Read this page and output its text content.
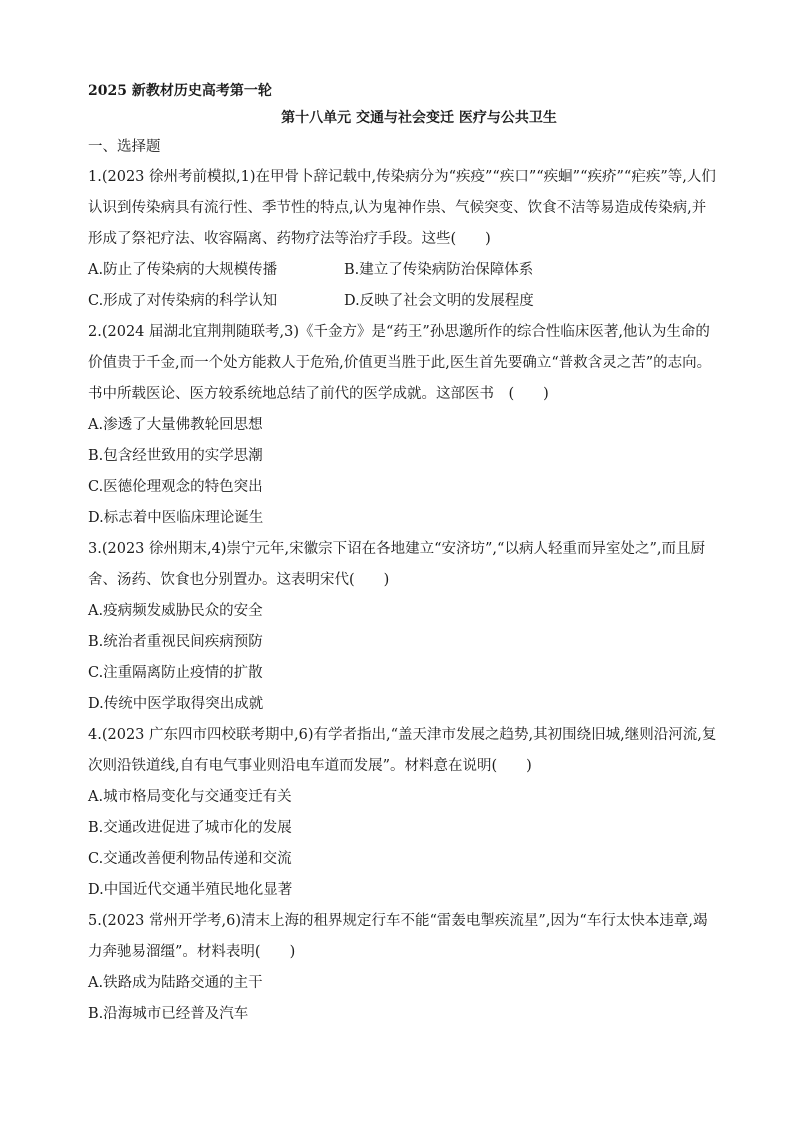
2025 新教材历史高考第一轮
第十八单元 交通与社会变迁 医疗与公共卫生
一、选择题
1.(2023 徐州考前模拟,1)在甲骨卜辞记载中,传染病分为“疾疫”“疾口”“疾蛔”“疾疥”“疟疾”等,人们认识到传染病具有流行性、季节性的特点,认为鬼神作祟、气候突变、饮食不洁等易造成传染病,并形成了祭祀疗法、收容隔离、药物疗法等治疗手段。这些(　　)
A.防止了传染病的大规模传播	B.建立了传染病防治保障体系
C.形成了对传染病的科学认知	D.反映了社会文明的发展程度
2.(2024 届湖北宜荆荆随联考,3)《千金方》是“药王”孙思邈所作的综合性临床医著,他认为生命的价值贵于千金,而一个处方能救人于危殆,价值更当胜于此,医生首先要确立“普救含灵之苦”的志向。书中所载医论、医方较系统地总结了前代的医学成就。这部医书　(　　)
A.渗透了大量佛教轮回思想
B.包含经世致用的实学思潮
C.医德伦理观念的特色突出
D.标志着中医临床理论诞生
3.(2023 徐州期末,4)崇宁元年,宋徽宗下诏在各地建立“安济坊”,“以病人轻重而异室处之”,而且厨舍、汤药、饮食也分别置办。这表明宋代(　　)
A.疫病频发威胁民众的安全
B.统治者重视民间疾病预防
C.注重隔离防止疫情的扩散
D.传统中医学取得突出成就
4.(2023 广东四市四校联考期中,6)有学者指出,“盖天津市发展之趋势,其初围绕旧城,继则沿河流,复次则沿铁道线,自有电气事业则沿电车道而发展”。材料意在说明(　　)
A.城市格局变化与交通变迁有关
B.交通改进促进了城市化的发展
C.交通改善便利物品传递和交流
D.中国近代交通半殖民地化显著
5.(2023 常州开学考,6)清末上海的租界规定行车不能“雷轰电掣疾流星”,因为“车行太快本违章,竭力奔驰易溜缰”。材料表明(　　)
A.铁路成为陆路交通的主干
B.沿海城市已经普及汽车
